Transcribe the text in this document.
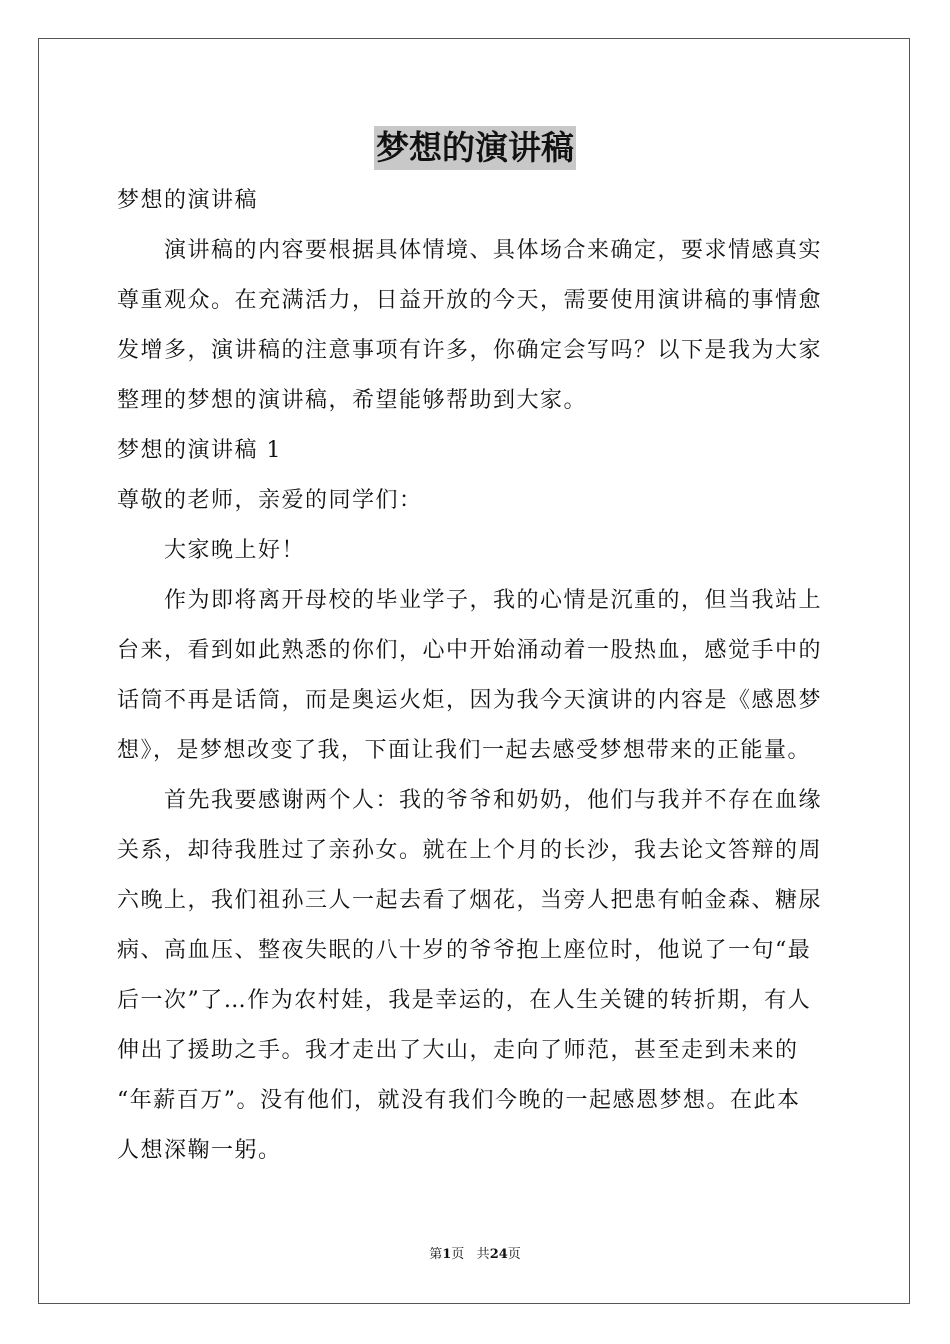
梦想的演讲稿
梦想的演讲稿
演讲稿的内容要根据具体情境、具体场合来确定，要求情感真实
尊重观众。在充满活力，日益开放的今天，需要使用演讲稿的事情愈
发增多，演讲稿的注意事项有许多，你确定会写吗？以下是我为大家
整理的梦想的演讲稿，希望能够帮助到大家。
梦想的演讲稿 1
尊敬的老师，亲爱的同学们：
大家晚上好！
作为即将离开母校的毕业学子，我的心情是沉重的，但当我站上
台来，看到如此熟悉的你们，心中开始涌动着一股热血，感觉手中的
话筒不再是话筒，而是奥运火炬，因为我今天演讲的内容是《感恩梦
想》，是梦想改变了我，下面让我们一起去感受梦想带来的正能量。
首先我要感谢两个人：我的爷爷和奶奶，他们与我并不存在血缘
关系，却待我胜过了亲孙女。就在上个月的长沙，我去论文答辩的周
六晚上，我们祖孙三人一起去看了烟花，当旁人把患有帕金森、糖尿
病、高血压、整夜失眠的八十岁的爷爷抱上座位时，他说了一句“最
后一次”了…作为农村娃，我是幸运的，在人生关键的转折期，有人
伸出了援助之手。我才走出了大山，走向了师范，甚至走到未来的
“年薪百万”。没有他们，就没有我们今晚的一起感恩梦想。在此本
人想深鞠一躬。
第1页 共24页
